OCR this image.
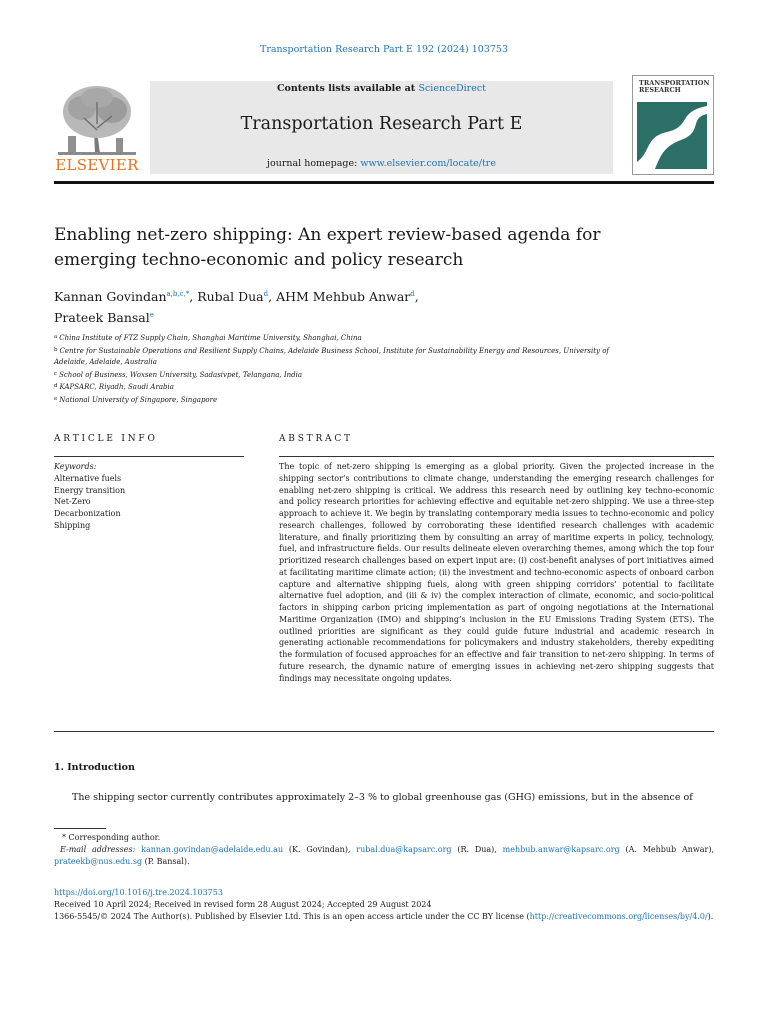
Transportation Research Part E 192 (2024) 103753
ELSEVIER
Contents lists available at ScienceDirect
Transportation Research Part E
journal homepage: www.elsevier.com/locate/tre
TRANSPORTATION RESEARCH
Enabling net-zero shipping: An expert review-based agenda for emerging techno-economic and policy research
Kannan Govindan$^{a,b,c,*}$, Rubal Dua$^d$, AHM Mehbub Anwar$^d$,
Prateek Bansal$^e$
$^a$ China Institute of FTZ Supply Chain, Shanghai Maritime University, Shanghai, China
$^b$ Centre for Sustainable Operations and Resilient Supply Chains, Adelaide Business School, Institute for Sustainability Energy and Resources, University of Adelaide, Adelaide, Australia
$^c$ School of Business, Woxsen University, Sadasivpet, Telangana, India
$^d$ KAPSARC, Riyadh, Saudi Arabia
$^e$ National University of Singapore, Singapore
ARTICLE INFO
Keywords:
Alternative fuels
Energy transition
Net-Zero
Decarbonization
Shipping
ABSTRACT
The topic of net-zero shipping is emerging as a global priority. Given the projected increase in the shipping sector’s contributions to climate change, understanding the emerging research challenges for enabling net-zero shipping is critical. We address this research need by outlining key techno-economic and policy research priorities for achieving effective and equitable net-zero shipping. We use a three-step approach to achieve it. We begin by translating contemporary media issues to techno-economic and policy research challenges, followed by corroborating these identified research challenges with academic literature, and finally prioritizing them by consulting an array of maritime experts in policy, technology, fuel, and infrastructure fields. Our results delineate eleven overarching themes, among which the top four prioritized research challenges based on expert input are: (i) cost-benefit analyses of port initiatives aimed at facilitating maritime climate action; (ii) the investment and techno-economic aspects of onboard carbon capture and alternative shipping fuels, along with green shipping corridors’ potential to facilitate alternative fuel adoption, and (iii & iv) the complex interaction of climate, economic, and socio-political factors in shipping carbon pricing implementation as part of ongoing negotiations at the International Maritime Organization (IMO) and shipping’s inclusion in the EU Emissions Trading System (ETS). The outlined priorities are significant as they could guide future industrial and academic research in generating actionable recommendations for policymakers and industry stakeholders, thereby expediting the formulation of focused approaches for an effective and fair transition to net-zero shipping. In terms of future research, the dynamic nature of emerging issues in achieving net-zero shipping suggests that findings may necessitate ongoing updates.
1. Introduction
The shipping sector currently contributes approximately 2–3 % to global greenhouse gas (GHG) emissions, but in the absence of

* Corresponding author.

E-mail addresses: kannan.govindan@adelaide.edu.au (K. Govindan), rubal.dua@kapsarc.org (R. Dua), mehbub.anwar@kapsarc.org (A. Mehbub Anwar), prateekb@nus.edu.sg (P. Bansal).

https://doi.org/10.1016/j.tre.2024.103753

Received 10 April 2024; Received in revised form 28 August 2024; Accepted 29 August 2024

1366-5545/© 2024 The Author(s). Published by Elsevier Ltd. This is an open access article under the CC BY license (http://creativecommons.org/licenses/by/4.0/).
